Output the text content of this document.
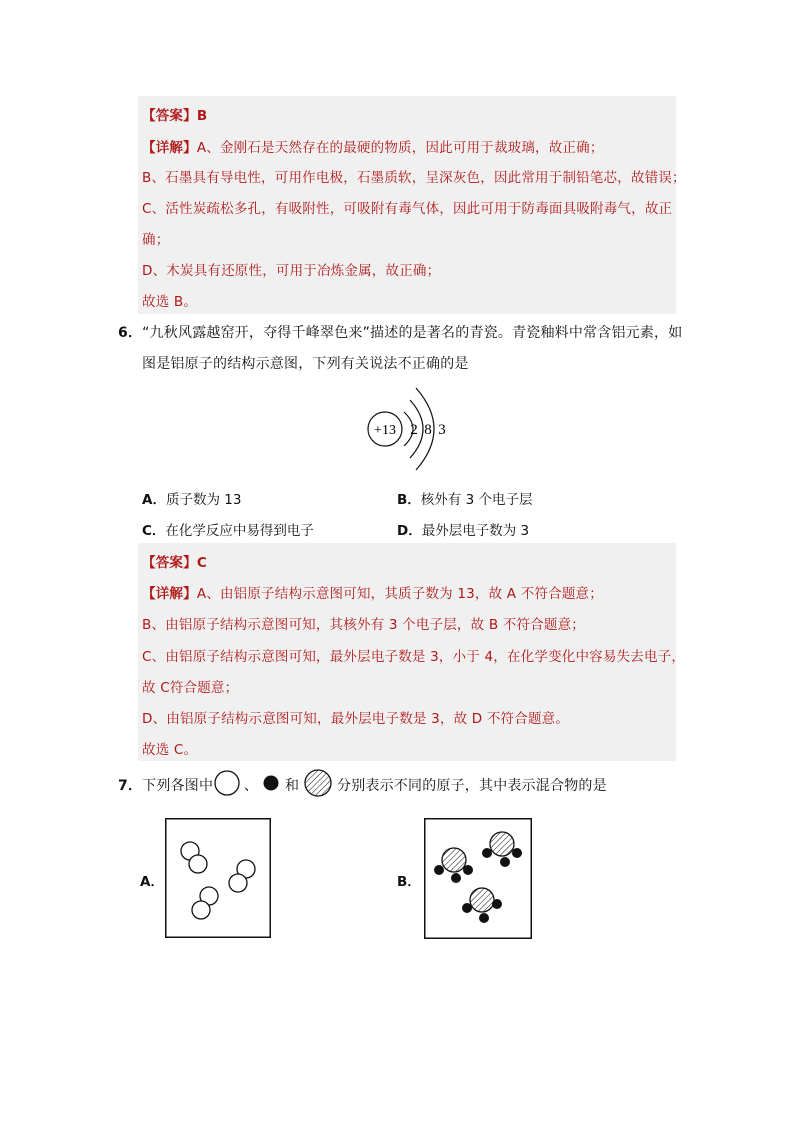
【答案】B
【详解】A、金刚石是天然存在的最硬的物质，因此可用于裁玻璃，故正确；
B、石墨具有导电性，可用作电极，石墨质软，呈深灰色，因此常用于制铅笔芯，故错误；
C、活性炭疏松多孔，有吸附性，可吸附有毒气体，因此可用于防毒面具吸附毒气，故正
确；
D、木炭具有还原性，可用于冶炼金属，故正确；
故选 B。
6．“九秋风露越窑开，夺得千峰翠色来”描述的是著名的青瓷。青瓷釉料中常含铝元素，如
图是铝原子的结构示意图，下列有关说法不正确的是
+13 2 8 3
A．质子数为 13	B．核外有 3 个电子层
C．在化学反应中易得到电子	D．最外层电子数为 3
【答案】C
【详解】A、由铝原子结构示意图可知，其质子数为 13，故 A 不符合题意；
B、由铝原子结构示意图可知，其核外有 3 个电子层，故 B 不符合题意；
C、由铝原子结构示意图可知，最外层电子数是 3，小于 4，在化学变化中容易失去电子，
故 C符合题意；
D、由铝原子结构示意图可知，最外层电子数是 3，故 D 不符合题意。
故选 C。
7．下列各图中 、 和	分别表示不同的原子，其中表示混合物的是
A．	B．
